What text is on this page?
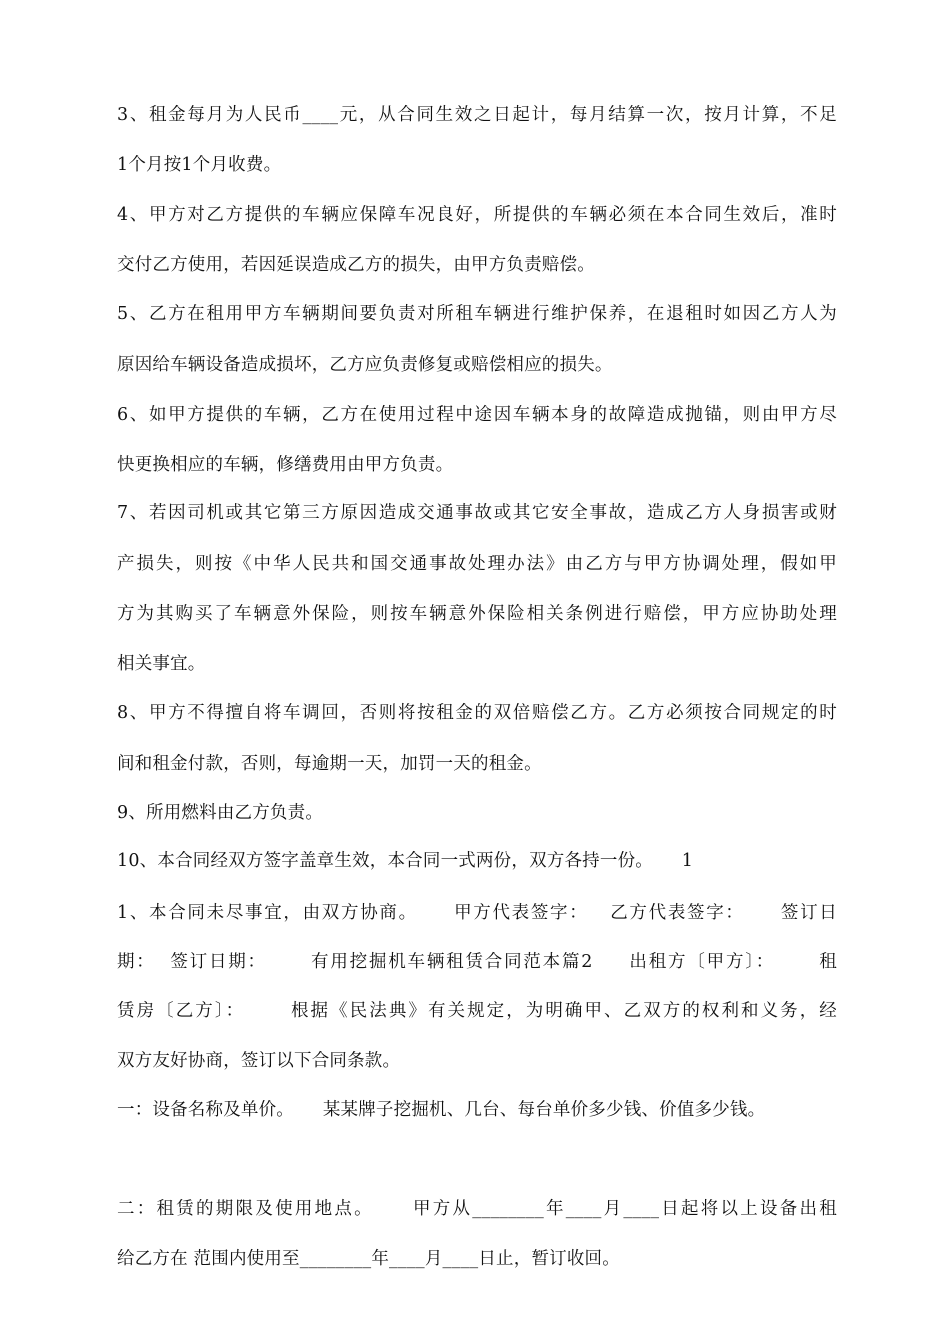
3、租金每月为人民币____元，从合同生效之日起计，每月结算一次，按月计算，不足
1个月按1个月收费。
4、甲方对乙方提供的车辆应保障车况良好，所提供的车辆必须在本合同生效后，准时
交付乙方使用，若因延误造成乙方的损失，由甲方负责赔偿。
5、乙方在租用甲方车辆期间要负责对所租车辆进行维护保养，在退租时如因乙方人为
原因给车辆设备造成损坏，乙方应负责修复或赔偿相应的损失。
6、如甲方提供的车辆，乙方在使用过程中途因车辆本身的故障造成抛锚，则由甲方尽
快更换相应的车辆，修缮费用由甲方负责。
7、若因司机或其它第三方原因造成交通事故或其它安全事故，造成乙方人身损害或财
产损失，则按《中华人民共和国交通事故处理办法》由乙方与甲方协调处理，假如甲
方为其购买了车辆意外保险，则按车辆意外保险相关条例进行赔偿，甲方应协助处理
相关事宜。
8、甲方不得擅自将车调回，否则将按租金的双倍赔偿乙方。乙方必须按合同规定的时
间和租金付款，否则，每逾期一天，加罚一天的租金。
9、所用燃料由乙方负责。
10、本合同经双方签字盖章生效，本合同一式两份，双方各持一份。     1
1、本合同未尽事宜，由双方协商。     甲方代表签字：   乙方代表签字：     签订日
期：  签订日期：      有用挖掘机车辆租赁合同范本篇2     出租方〔甲方〕：      租
赁房〔乙方〕：      根据《民法典》有关规定，为明确甲、乙双方的权利和义务，经
双方友好协商，签订以下合同条款。
一：设备名称及单价。     某某牌子挖掘机、几台、每台单价多少钱、价值多少钱。
二：租赁的期限及使用地点。     甲方从________年____月____日起将以上设备出租
给乙方在 范围内使用至________年____月____日止，暂订收回。
